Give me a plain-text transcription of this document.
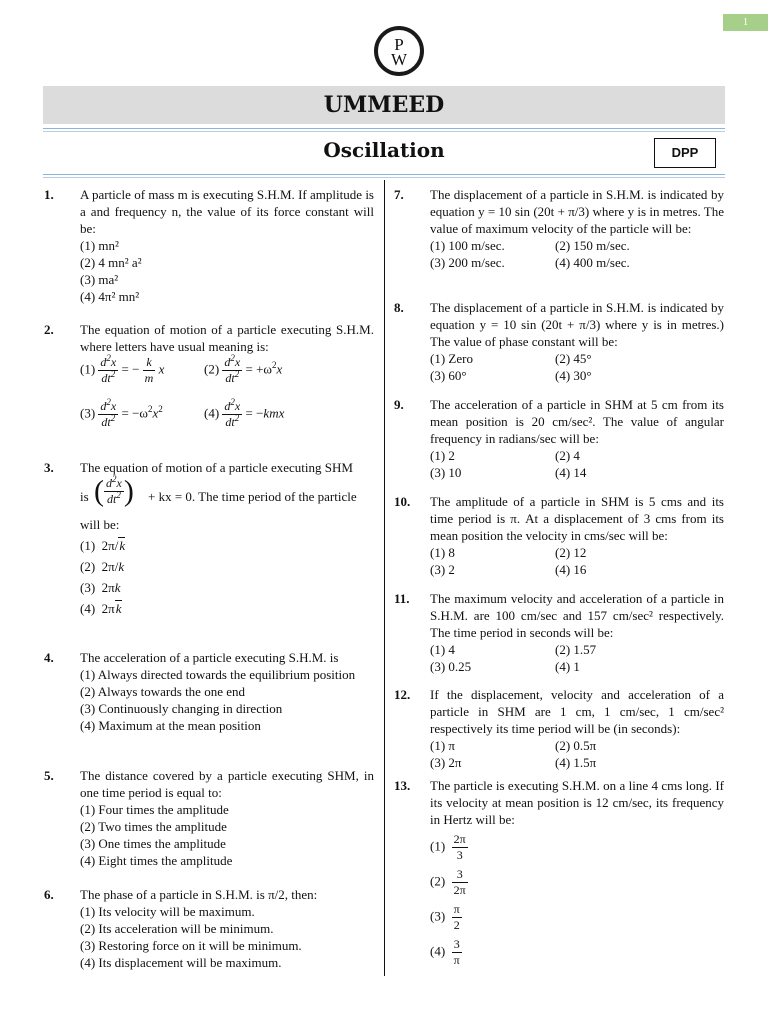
1
P
W
UMMEED
Oscillation	DPP
1.	A particle of mass m is executing S.H.M. If amplitude is a and frequency n, the value of its force constant will be:
(1) mn²
(2) 4 mn² a²
(3) ma²
(4) 4π² mn²
2.	The equation of motion of a particle executing S.H.M. where letters have usual meaning is:
$(1) \frac{d^2x}{dt^2}$ = − $\frac{k}{m}$ x	$(2) \frac{d^2x}{dt^2} = +\omega^2x$
$(3) \frac{d^2x}{dt^2} = -\omega^2x^2$	$(4) \frac{d^2x}{dt^2} = -kmx$
3.	The equation of motion of a particle executing SHM
is ( $\frac{d^2x}{dt^2}$ ) + kx = 0. The time period of the particle
will be:
(1)  2π/k
(2)  2π/k
(3)  2πk
(4)  2πk
4.	The acceleration of a particle executing S.H.M. is
(1) Always directed towards the equilibrium position
(2) Always towards the one end
(3) Continuously changing in direction
(4) Maximum at the mean position
5.	The distance covered by a particle executing SHM, in one time period is equal to:
(1) Four times the amplitude
(2) Two times the amplitude
(3) One times the amplitude
(4) Eight times the amplitude
6.	The phase of a particle in S.H.M. is π/2, then:
(1) Its velocity will be maximum.
(2) Its acceleration will be minimum.
(3) Restoring force on it will be minimum.
(4) Its displacement will be maximum.
7.	The displacement of a particle in S.H.M. is indicated by equation y = 10 sin (20t + π/3) where y is in metres. The value of maximum velocity of the particle will be:
(1) 100 m/sec.	(2) 150 m/sec.
(3) 200 m/sec.	(4) 400 m/sec.
8.	The displacement of a particle in S.H.M. is indicated by equation y = 10 sin (20t + π/3) where y is in metres.) The value of phase constant will be:
(1) Zero	(2) 45°
(3) 60°	(4) 30°
9.	The acceleration of a particle in SHM at 5 cm from its mean position is 20 cm/sec². The value of angular frequency in radians/sec will be:
(1) 2	(2) 4
(3) 10	(4) 14
10.	The amplitude of a particle in SHM is 5 cms and its time period is π. At a displacement of 3 cms from its mean position the velocity in cms/sec will be:
(1) 8	(2) 12
(3) 2	(4) 16
11.	The maximum velocity and acceleration of a particle in S.H.M. are 100 cm/sec and 157 cm/sec² respectively. The time period in seconds will be:
(1) 4	(2) 1.57
(3) 0.25	(4) 1
12.	If the displacement, velocity and acceleration of a particle in SHM are 1 cm, 1 cm/sec, 1 cm/sec² respectively its time period will be (in seconds):
(1) π	(2) 0.5π
(3) 2π	(4) 1.5π
13.	The particle is executing S.H.M. on a line 4 cms long. If its velocity at mean position is 12 cm/sec, its frequency in Hertz will be:
$(1) \frac{2\pi}{3}$
$(2) \frac{3}{2\pi}$
$(3) \frac{\pi}{2}$
$(4) \frac{3}{\pi}$
